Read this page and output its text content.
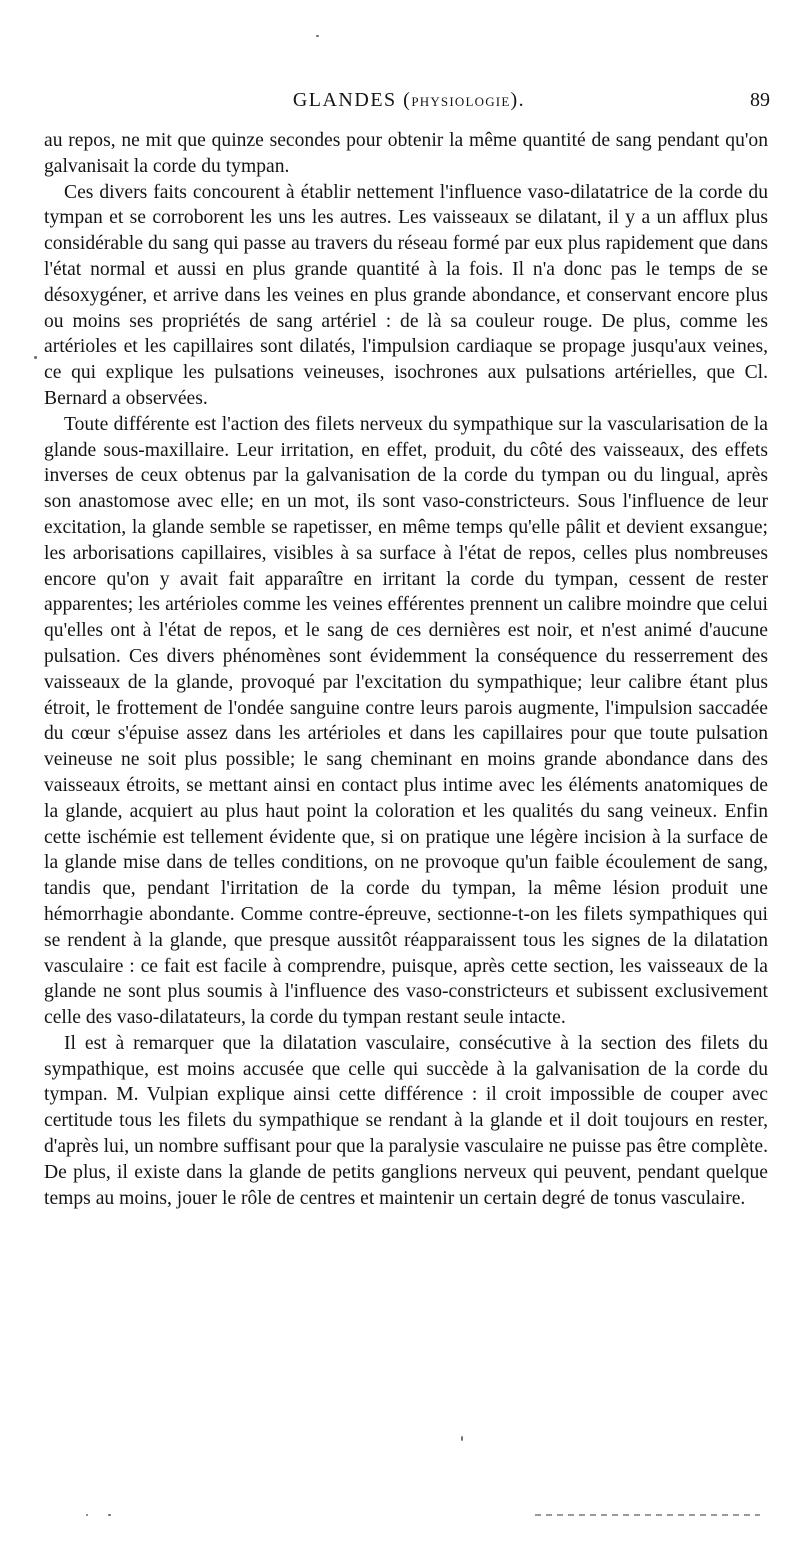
GLANDES (PHYSIOLOGIE).	89

au repos, ne mit que quinze secondes pour obtenir la même quantité de sang pendant qu'on galvanisait la corde du tympan.

Ces divers faits concourent à établir nettement l'influence vaso-dilatatrice de la corde du tympan et se corroborent les uns les autres. Les vaisseaux se dilatant, il y a un afflux plus considérable du sang qui passe au travers du réseau formé par eux plus rapidement que dans l'état normal et aussi en plus grande quantité à la fois. Il n'a donc pas le temps de se désoxygéner, et arrive dans les veines en plus grande abondance, et conservant encore plus ou moins ses propriétés de sang artériel : de là sa couleur rouge. De plus, comme les artérioles et les capillaires sont dilatés, l'impulsion cardiaque se propage jusqu'aux veines, ce qui explique les pulsations veineuses, isochrones aux pulsations artérielles, que Cl. Bernard a observées.

Toute différente est l'action des filets nerveux du sympathique sur la vascularisation de la glande sous-maxillaire. Leur irritation, en effet, produit, du côté des vaisseaux, des effets inverses de ceux obtenus par la galvanisation de la corde du tympan ou du lingual, après son anastomose avec elle; en un mot, ils sont vaso-constricteurs. Sous l'influence de leur excitation, la glande semble se rapetisser, en même temps qu'elle pâlit et devient exsangue; les arborisations capillaires, visibles à sa surface à l'état de repos, celles plus nombreuses encore qu'on y avait fait apparaître en irritant la corde du tympan, cessent de rester apparentes; les artérioles comme les veines efférentes prennent un calibre moindre que celui qu'elles ont à l'état de repos, et le sang de ces dernières est noir, et n'est animé d'aucune pulsation. Ces divers phénomènes sont évidemment la conséquence du resserrement des vaisseaux de la glande, provoqué par l'excitation du sympathique; leur calibre étant plus étroit, le frottement de l'ondée sanguine contre leurs parois augmente, l'impulsion saccadée du cœur s'épuise assez dans les artérioles et dans les capillaires pour que toute pulsation veineuse ne soit plus possible; le sang cheminant en moins grande abondance dans des vaisseaux étroits, se mettant ainsi en contact plus intime avec les éléments anatomiques de la glande, acquiert au plus haut point la coloration et les qualités du sang veineux. Enfin cette ischémie est tellement évidente que, si on pratique une légère incision à la surface de la glande mise dans de telles conditions, on ne provoque qu'un faible écoulement de sang, tandis que, pendant l'irritation de la corde du tympan, la même lésion produit une hémorrhagie abondante. Comme contre-épreuve, sectionne-t-on les filets sympathiques qui se rendent à la glande, que presque aussitôt réapparaissent tous les signes de la dilatation vasculaire : ce fait est facile à comprendre, puisque, après cette section, les vaisseaux de la glande ne sont plus soumis à l'influence des vaso-constricteurs et subissent exclusivement celle des vaso-dilatateurs, la corde du tympan restant seule intacte.

Il est à remarquer que la dilatation vasculaire, consécutive à la section des filets du sympathique, est moins accusée que celle qui succède à la galvanisation de la corde du tympan. M. Vulpian explique ainsi cette différence : il croit impossible de couper avec certitude tous les filets du sympathique se rendant à la glande et il doit toujours en rester, d'après lui, un nombre suffisant pour que la paralysie vasculaire ne puisse pas être complète. De plus, il existe dans la glande de petits ganglions nerveux qui peuvent, pendant quelque temps au moins, jouer le rôle de centres et maintenir un certain degré de tonus vasculaire.
